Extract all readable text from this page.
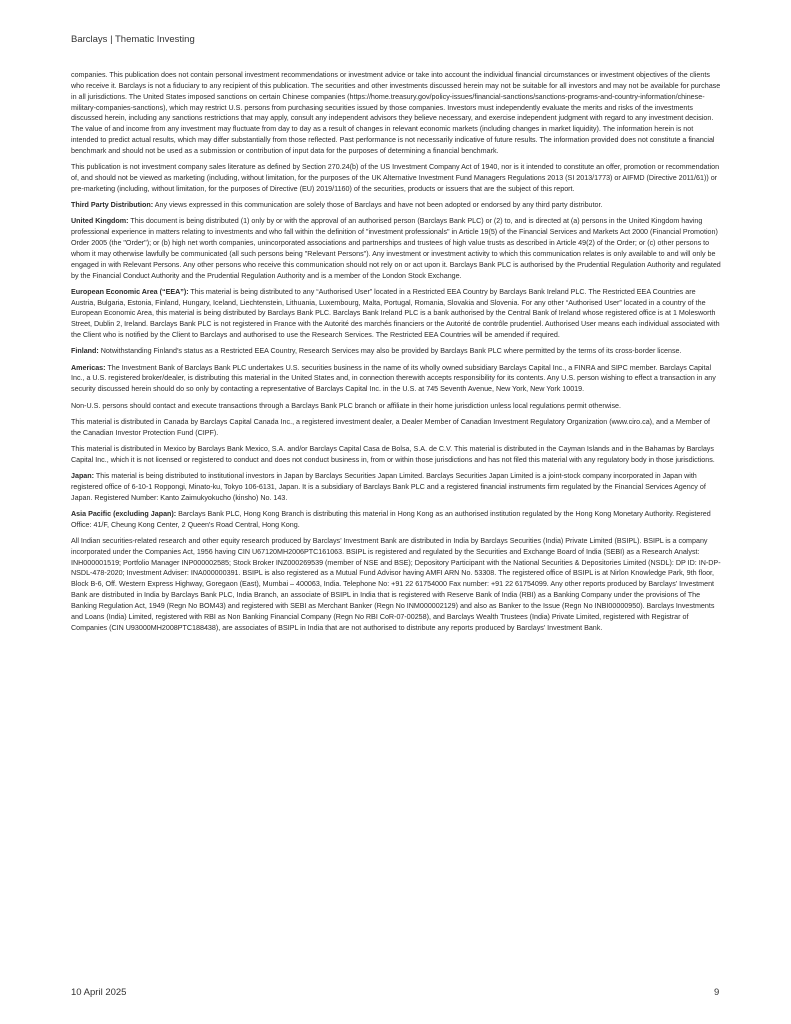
Barclays | Thematic Investing

companies. This publication does not contain personal investment recommendations or investment advice or take into account the individual financial circumstances or investment objectives of the clients who receive it. Barclays is not a fiduciary to any recipient of this publication. The securities and other investments discussed herein may not be suitable for all investors and may not be available for purchase in all jurisdictions. The United States imposed sanctions on certain Chinese companies (https://home.treasury.gov/policy-issues/financial-sanctions/sanctions-programs-and-country-information/chinese-military-companies-sanctions), which may restrict U.S. persons from purchasing securities issued by those companies. Investors must independently evaluate the merits and risks of the investments discussed herein, including any sanctions restrictions that may apply, consult any independent advisors they believe necessary, and exercise independent judgment with regard to any investment decision. The value of and income from any investment may fluctuate from day to day as a result of changes in relevant economic markets (including changes in market liquidity). The information herein is not intended to predict actual results, which may differ substantially from those reflected. Past performance is not necessarily indicative of future results. The information provided does not constitute a financial benchmark and should not be used as a submission or contribution of input data for the purposes of determining a financial benchmark.

This publication is not investment company sales literature as defined by Section 270.24(b) of the US Investment Company Act of 1940, nor is it intended to constitute an offer, promotion or recommendation of, and should not be viewed as marketing (including, without limitation, for the purposes of the UK Alternative Investment Fund Managers Regulations 2013 (SI 2013/1773) or AIFMD (Directive 2011/61)) or pre-marketing (including, without limitation, for the purposes of Directive (EU) 2019/1160) of the securities, products or issuers that are the subject of this report.

Third Party Distribution: Any views expressed in this communication are solely those of Barclays and have not been adopted or endorsed by any third party distributor.

United Kingdom: This document is being distributed (1) only by or with the approval of an authorised person (Barclays Bank PLC) or (2) to, and is directed at (a) persons in the United Kingdom having professional experience in matters relating to investments and who fall within the definition of "investment professionals" in Article 19(5) of the Financial Services and Markets Act 2000 (Financial Promotion) Order 2005 (the "Order"); or (b) high net worth companies, unincorporated associations and partnerships and trustees of high value trusts as described in Article 49(2) of the Order; or (c) other persons to whom it may otherwise lawfully be communicated (all such persons being "Relevant Persons"). Any investment or investment activity to which this communication relates is only available to and will only be engaged in with Relevant Persons. Any other persons who receive this communication should not rely on or act upon it. Barclays Bank PLC is authorised by the Prudential Regulation Authority and regulated by the Financial Conduct Authority and the Prudential Regulation Authority and is a member of the London Stock Exchange.

European Economic Area (“EEA”): This material is being distributed to any “Authorised User” located in a Restricted EEA Country by Barclays Bank Ireland PLC. The Restricted EEA Countries are Austria, Bulgaria, Estonia, Finland, Hungary, Iceland, Liechtenstein, Lithuania, Luxembourg, Malta, Portugal, Romania, Slovakia and Slovenia. For any other “Authorised User” located in a country of the European Economic Area, this material is being distributed by Barclays Bank PLC. Barclays Bank Ireland PLC is a bank authorised by the Central Bank of Ireland whose registered office is at 1 Molesworth Street, Dublin 2, Ireland. Barclays Bank PLC is not registered in France with the Autorité des marchés financiers or the Autorité de contrôle prudentiel. Authorised User means each individual associated with the Client who is notified by the Client to Barclays and authorised to use the Research Services. The Restricted EEA Countries will be amended if required.

Finland: Notwithstanding Finland’s status as a Restricted EEA Country, Research Services may also be provided by Barclays Bank PLC where permitted by the terms of its cross-border license.

Americas: The Investment Bank of Barclays Bank PLC undertakes U.S. securities business in the name of its wholly owned subsidiary Barclays Capital Inc., a FINRA and SIPC member. Barclays Capital Inc., a U.S. registered broker/dealer, is distributing this material in the United States and, in connection therewith accepts responsibility for its contents. Any U.S. person wishing to effect a transaction in any security discussed herein should do so only by contacting a representative of Barclays Capital Inc. in the U.S. at 745 Seventh Avenue, New York, New York 10019.

Non-U.S. persons should contact and execute transactions through a Barclays Bank PLC branch or affiliate in their home jurisdiction unless local regulations permit otherwise.

This material is distributed in Canada by Barclays Capital Canada Inc., a registered investment dealer, a Dealer Member of Canadian Investment Regulatory Organization (www.ciro.ca), and a Member of the Canadian Investor Protection Fund (CIPF).

This material is distributed in Mexico by Barclays Bank Mexico, S.A. and/or Barclays Capital Casa de Bolsa, S.A. de C.V. This material is distributed in the Cayman Islands and in the Bahamas by Barclays Capital Inc., which it is not licensed or registered to conduct and does not conduct business in, from or within those jurisdictions and has not filed this material with any regulatory body in those jurisdictions.

Japan: This material is being distributed to institutional investors in Japan by Barclays Securities Japan Limited. Barclays Securities Japan Limited is a joint-stock company incorporated in Japan with registered office of 6-10-1 Roppongi, Minato-ku, Tokyo 106-6131, Japan. It is a subsidiary of Barclays Bank PLC and a registered financial instruments firm regulated by the Financial Services Agency of Japan. Registered Number: Kanto Zaimukyokucho (kinsho) No. 143.

Asia Pacific (excluding Japan): Barclays Bank PLC, Hong Kong Branch is distributing this material in Hong Kong as an authorised institution regulated by the Hong Kong Monetary Authority. Registered Office: 41/F, Cheung Kong Center, 2 Queen's Road Central, Hong Kong.

All Indian securities-related research and other equity research produced by Barclays’ Investment Bank are distributed in India by Barclays Securities (India) Private Limited (BSIPL). BSIPL is a company incorporated under the Companies Act, 1956 having CIN U67120MH2006PTC161063. BSIPL is registered and regulated by the Securities and Exchange Board of India (SEBI) as a Research Analyst: INH000001519; Portfolio Manager INP000002585; Stock Broker INZ000269539 (member of NSE and BSE); Depository Participant with the National Securities & Depositories Limited (NSDL): DP ID: IN-DP-NSDL-478-2020; Investment Adviser: INA000000391. BSIPL is also registered as a Mutual Fund Advisor having AMFI ARN No. 53308. The registered office of BSIPL is at Nirlon Knowledge Park, 9th floor, Block B-6, Off. Western Express Highway, Goregaon (East), Mumbai – 400063, India. Telephone No: +91 22 61754000 Fax number: +91 22 61754099. Any other reports produced by Barclays’ Investment Bank are distributed in India by Barclays Bank PLC, India Branch, an associate of BSIPL in India that is registered with Reserve Bank of India (RBI) as a Banking Company under the provisions of The Banking Regulation Act, 1949 (Regn No BOM43) and registered with SEBI as Merchant Banker (Regn No INM000002129) and also as Banker to the Issue (Regn No INBI00000950). Barclays Investments and Loans (India) Limited, registered with RBI as Non Banking Financial Company (Regn No RBI CoR-07-00258), and Barclays Wealth Trustees (India) Private Limited, registered with Registrar of Companies (CIN U93000MH2008PTC188438), are associates of BSIPL in India that are not authorised to distribute any reports produced by Barclays’ Investment Bank.

10 April 2025	9
